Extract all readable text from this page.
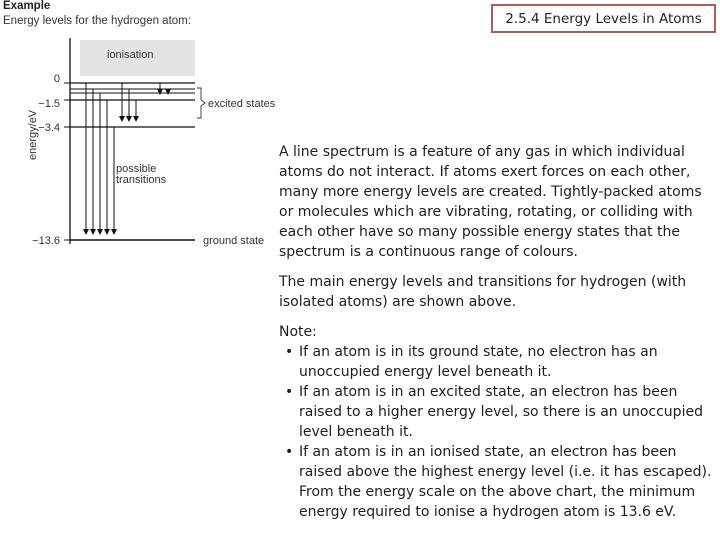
Example
Energy levels for the hydrogen atom:	2.5.4 Energy Levels in Atoms
ionisation
energy/eV
0
−1.5
−3.4
−13.6
excited states
possible
transitions
ground state

A line spectrum is a feature of any gas in which individual atoms do not interact. If atoms exert forces on each other, many more energy levels are created. Tightly-packed atoms or molecules which are vibrating, rotating, or colliding with each other have so many possible energy states that the spectrum is a continuous range of colours.

The main energy levels and transitions for hydrogen (with isolated atoms) are shown above.

Note:

• If an atom is in its ground state, no electron has an unoccupied energy level beneath it.
• If an atom is in an excited state, an electron has been raised to a higher energy level, so there is an unoccupied level beneath it.
• If an atom is in an ionised state, an electron has been raised above the highest energy level (i.e. it has escaped). From the energy scale on the above chart, the minimum energy required to ionise a hydrogen atom is 13.6 eV.
